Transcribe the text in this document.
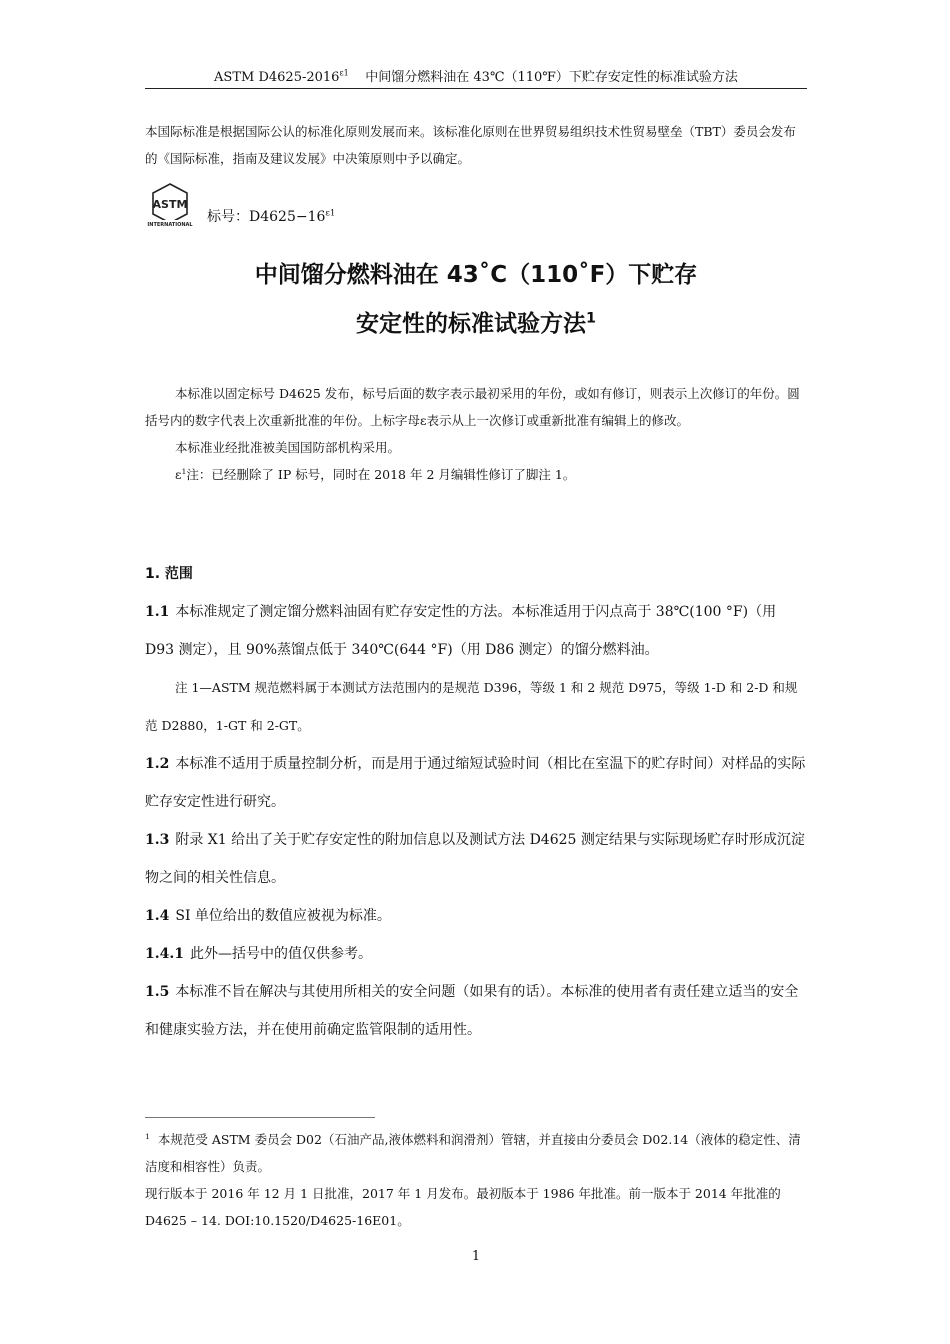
ASTM $D4625-2016^{\varepsilon 1}$ 中间馏分燃料油在 43℃（110℉）下贮存安定性的标准试验方法

本国际标准是根据国际公认的标准化原则发展而来。该标准化原则在世界贸易组织技术性贸易壁垒（TBT）委员会发布的《国际标准，指南及建议发展》中决策原则中予以确定。

ASTM
INTERNATIONAL 标号：$D4625-16^{\varepsilon 1}$
中间馏分燃料油在 43˚C（110˚F）下贮存
安定性的标准试验方法$^1$

本标准以固定标号 D4625 发布，标号后面的数字表示最初采用的年份，或如有修订，则表示上次修订的年份。圆括号内的数字代表上次重新批准的年份。上标字母ε表示从上一次修订或重新批准有编辑上的修改。

本标准业经批准被美国国防部机构采用。

$\varepsilon^1$注：已经删除了 IP 标号，同时在 2018 年 2 月编辑性修订了脚注 1。

1. 范围

1.1 本标准规定了测定馏分燃料油固有贮存安定性的方法。本标准适用于闪点高于 38℃(100 °F)（用 D93 测定），且 90%蒸馏点低于 340℃(644 °F)（用 D86 测定）的馏分燃料油。

注 1—ASTM 规范燃料属于本测试方法范围内的是规范 D396，等级 1 和 2 规范 D975，等级 1-D 和 2-D 和规范 D2880，1-GT 和 2-GT。

1.2 本标准不适用于质量控制分析，而是用于通过缩短试验时间（相比在室温下的贮存时间）对样品的实际贮存安定性进行研究。

1.3 附录 X1 给出了关于贮存安定性的附加信息以及测试方法 D4625 测定结果与实际现场贮存时形成沉淀物之间的相关性信息。

1.4 SI 单位给出的数值应被视为标准。

1.4.1 此外—括号中的值仅供参考。

1.5 本标准不旨在解决与其使用所相关的安全问题（如果有的话）。本标准的使用者有责任建立适当的安全和健康实验方法，并在使用前确定监管限制的适用性。

$^1$ 本规范受 ASTM 委员会 D02（石油产品,液体燃料和润滑剂）管辖，并直接由分委员会 D02.14（液体的稳定性、清洁度和相容性）负责。

现行版本于 2016 年 12 月 1 日批准，2017 年 1 月发布。最初版本于 1986 年批准。前一版本于 2014 年批准的 D4625 – 14. DOI:10.1520/D4625-16E01。

1
